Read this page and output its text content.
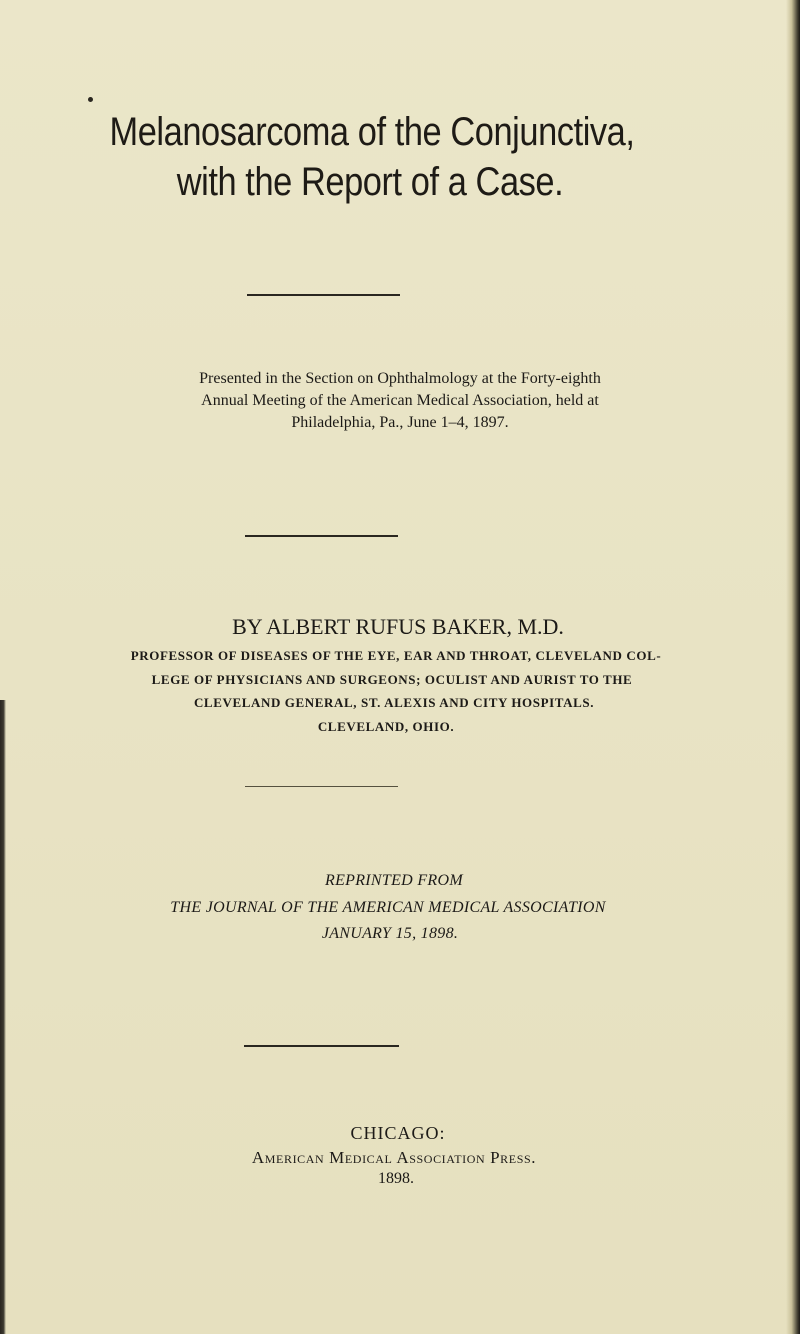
Melanosarcoma of the Conjunctiva,
with the Report of a Case.
Presented in the Section on Ophthalmology at the Forty-eighth
Annual Meeting of the American Medical Association, held at
Philadelphia, Pa., June 1–4, 1897.
BY ALBERT RUFUS BAKER, M.D.
PROFESSOR OF DISEASES OF THE EYE, EAR AND THROAT, CLEVELAND COL-
LEGE OF PHYSICIANS AND SURGEONS; OCULIST AND AURIST TO THE
CLEVELAND GENERAL, ST. ALEXIS AND CITY HOSPITALS.
CLEVELAND, OHIO.
REPRINTED FROM
THE JOURNAL OF THE AMERICAN MEDICAL ASSOCIATION
JANUARY 15, 1898.
CHICAGO:
American Medical Association Press.
1898.
